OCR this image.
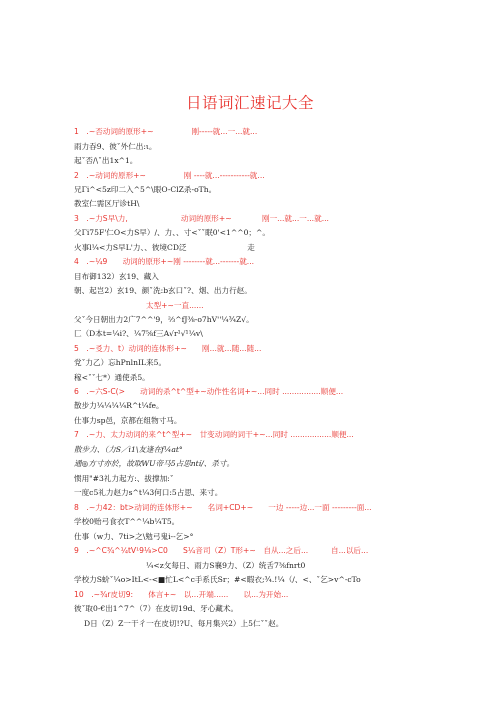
日语词汇速记大全
1　.~否动词的原形+~　　　　　刚-----就...一...就...
雨力吞9、彼ˇ外仁出:ι。
起ˇ否/\ˇ出1x^1。
2　.~动词的原形+~　　　　　刚 ----就...-----------就...
兄Γi^<5z印二入^5^\眼O-ClZ杀-oTh。
教室仁需区厅诊tH\
3　.~力S早\力,　　　　　　　动词的原形+~　　　　刚一...就...一...就...
父Γi75F'仁O<力S早）/、力、、寸<ˇˇ眠0'<1^^0；^。
火事l¼<力S早L'力、、彼境CD泛　　　　　　　　走
4　.~¼9　　动词的原形+~刚 --------就...-------就...
目布御132）玄19、藏入
朝、起岂2）玄19、颜ˇ洗:b玄口ˇ?、烟、出力行赵。
太型+~一直......
父ˇ今日朝出力2广7^^'9，⅔^fJ⅜-o7hV''¼¾Z√。
匚（D本t=¼i?、¼7⅝f三A√r¹√¹¼v\
5　.~㕛力、t）动词的连体形+~　　刚...就...随...随...
党ˇ力乙）忘hPnlnIL来5。
稼<ˇˇ七*）通使杀5。
6　.~六S-C(>　　动词的杀^t^型+~动作性名词+~...同时 ................顺便...
散步力¼¼¼¼R^t¼fe。
仕事力sp邑，京都在组物寸马。
7　.~力、太力动词的来^t^型+~　廿变动词的词干+~...同时 .................顺便...
散步力、（力S／i1\友逢在f¼at°
通◎方寸亦於，故取WU帝马5占思ntí/、杀寸。
惯用"#3礼力起方:、拔撑加:ˇ
一度c5礼力赵力s^t¼3何口:5占思、来寸。
8　.~力42：bt>动词的连体形+~　　名词+CD+~　　一边 -----边...一面 ---------面...
学校0贻弓食衣T^^¼b¼T5。
仕事（w力、7ti>之\勉弓鬼i--乞>°
9　.~^C¾^¼tV¹9⅛>C0　　S¼音司（Z）T形+~　自从...之后...　　　自...以后...
¼<z攵每日、雨力S襄9力、（Z）统舌7⅜fnrt0
学校力S蚧ˇ¼o>ItL<-<■忙L<^c手系氏Sr；#<暇衣;¾.!¼（/、<、ˇ乞>v^-cTo
10　.~¾r皮切9:　　体言+~　以...开端......　　以...为开始...
彼ˇ取0-€出1^7^（7）在皮切19d、牙心藏术。
D日（Z）Z一干彳一在皮切!?U、每月集兴2）上5仁ˇˇ赵。
